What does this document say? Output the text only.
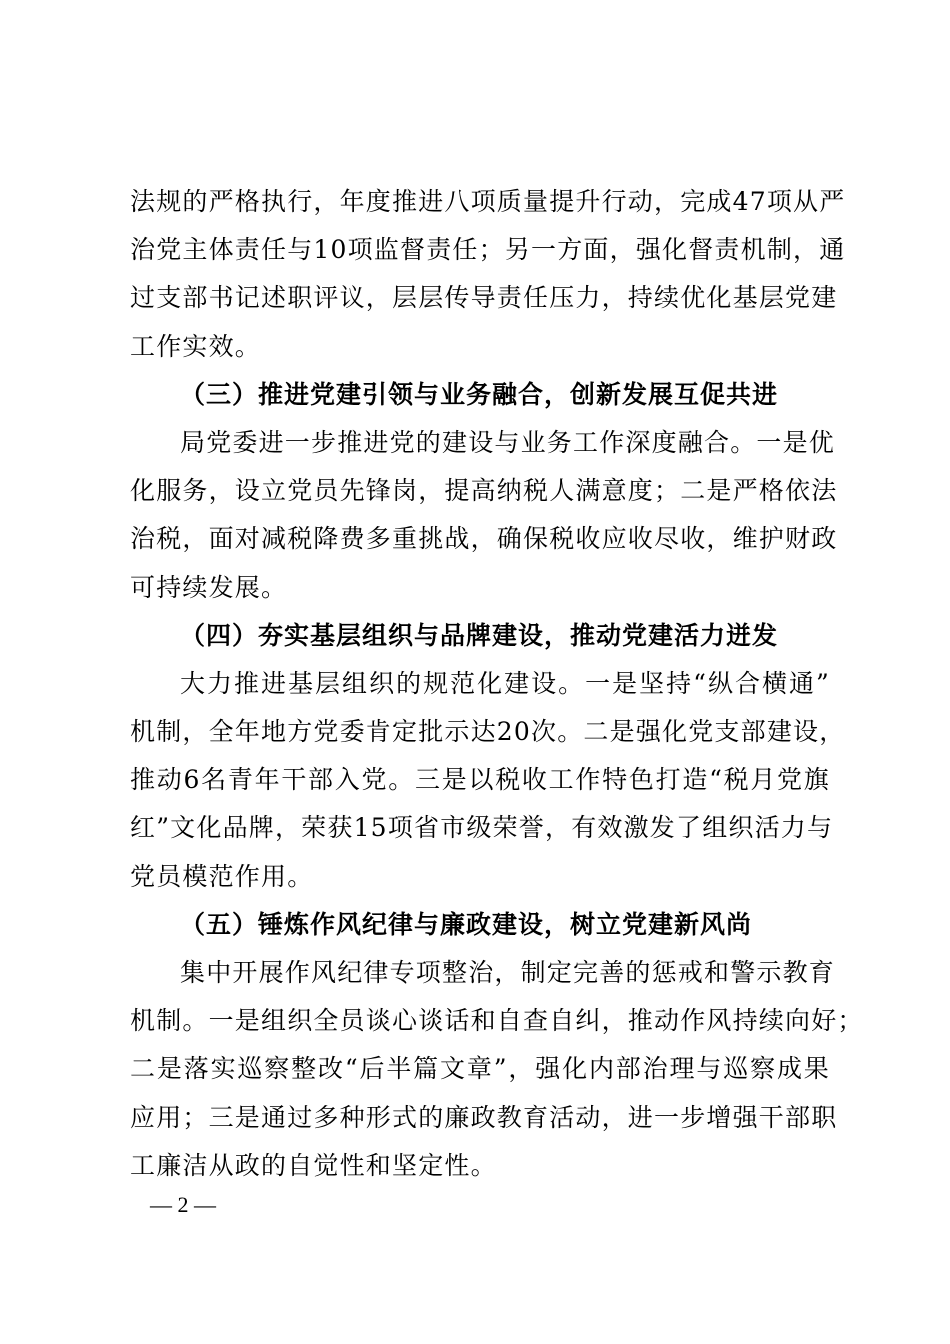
法规的严格执行，年度推进八项质量提升行动，完成47项从严
治党主体责任与10项监督责任；另一方面，强化督责机制，通
过支部书记述职评议，层层传导责任压力，持续优化基层党建
工作实效。
（三）推进党建引领与业务融合，创新发展互促共进
局党委进一步推进党的建设与业务工作深度融合。一是优
化服务，设立党员先锋岗，提高纳税人满意度；二是严格依法
治税，面对减税降费多重挑战，确保税收应收尽收，维护财政
可持续发展。
（四）夯实基层组织与品牌建设，推动党建活力迸发
大力推进基层组织的规范化建设。一是坚持“纵合横通”
机制，全年地方党委肯定批示达20次。二是强化党支部建设，
推动6名青年干部入党。三是以税收工作特色打造“税月党旗
红”文化品牌，荣获15项省市级荣誉，有效激发了组织活力与
党员模范作用。
（五）锤炼作风纪律与廉政建设，树立党建新风尚
集中开展作风纪律专项整治，制定完善的惩戒和警示教育
机制。一是组织全员谈心谈话和自查自纠，推动作风持续向好；
二是落实巡察整改“后半篇文章”，强化内部治理与巡察成果
应用；三是通过多种形式的廉政教育活动，进一步增强干部职
工廉洁从政的自觉性和坚定性。
— 2 —
